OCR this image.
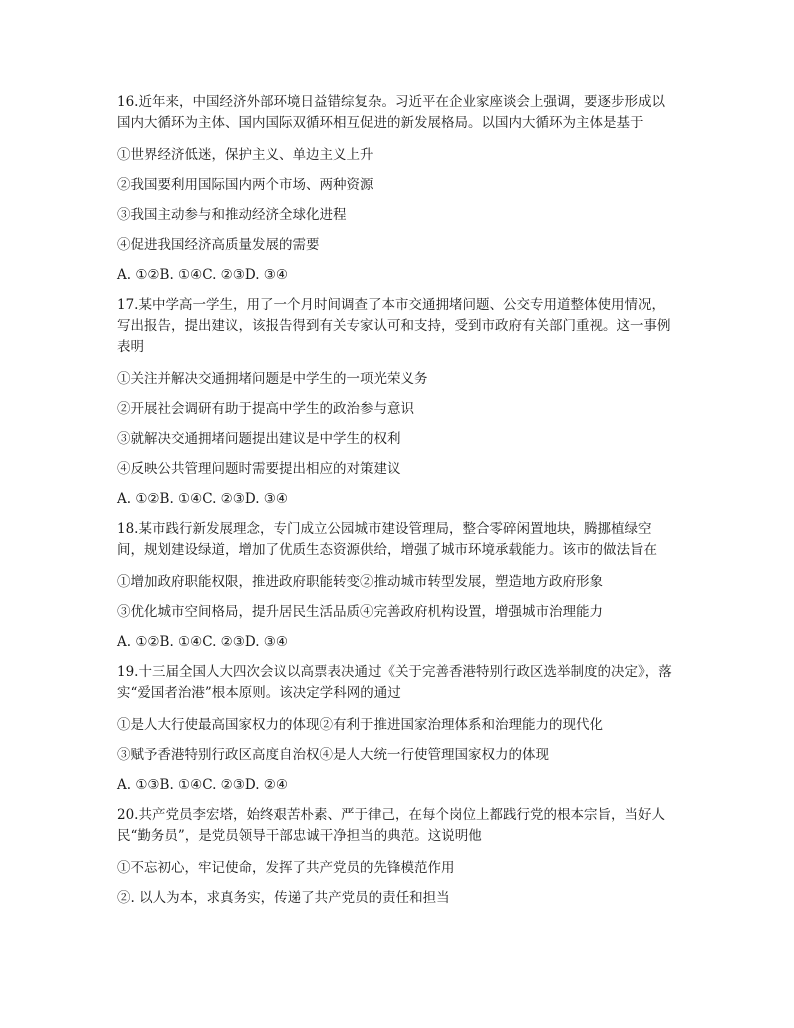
16.近年来，中国经济外部环境日益错综复杂。习近平在企业家座谈会上强调，要逐步形成以国内大循环为主体、国内国际双循环相互促进的新发展格局。以国内大循环为主体是基于

①世界经济低迷，保护主义、单边主义上升

②我国要利用国际国内两个市场、两种资源

③我国主动参与和推动经济全球化进程

④促进我国经济高质量发展的需要

A. ①②B. ①④C. ②③D. ③④

17.某中学高一学生，用了一个月时间调查了本市交通拥堵问题、公交专用道整体使用情况，写出报告，提出建议，该报告得到有关专家认可和支持，受到市政府有关部门重视。这一事例表明

①关注并解决交通拥堵问题是中学生的一项光荣义务

②开展社会调研有助于提高中学生的政治参与意识

③就解决交通拥堵问题提出建议是中学生的权利

④反映公共管理问题时需要提出相应的对策建议

A. ①②B. ①④C. ②③D. ③④

18.某市践行新发展理念，专门成立公园城市建设管理局，整合零碎闲置地块，腾挪植绿空间，规划建设绿道，增加了优质生态资源供给，增强了城市环境承载能力。该市的做法旨在

①增加政府职能权限，推进政府职能转变②推动城市转型发展，塑造地方政府形象

③优化城市空间格局，提升居民生活品质④完善政府机构设置，增强城市治理能力

A. ①②B. ①④C. ②③D. ③④

19.十三届全国人大四次会议以高票表决通过《关于完善香港特别行政区选举制度的决定》，落实“爱国者治港”根本原则。该决定学科网的通过

①是人大行使最高国家权力的体现②有利于推进国家治理体系和治理能力的现代化

③赋予香港特别行政区高度自治权④是人大统一行使管理国家权力的体现

A. ①③B. ①④C. ②③D. ②④

20.共产党员李宏塔，始终艰苦朴素、严于律己，在每个岗位上都践行党的根本宗旨，当好人民“勤务员”，是党员领导干部忠诚干净担当的典范。这说明他

①不忘初心，牢记使命，发挥了共产党员的先锋模范作用

②. 以人为本，求真务实，传递了共产党员的责任和担当
